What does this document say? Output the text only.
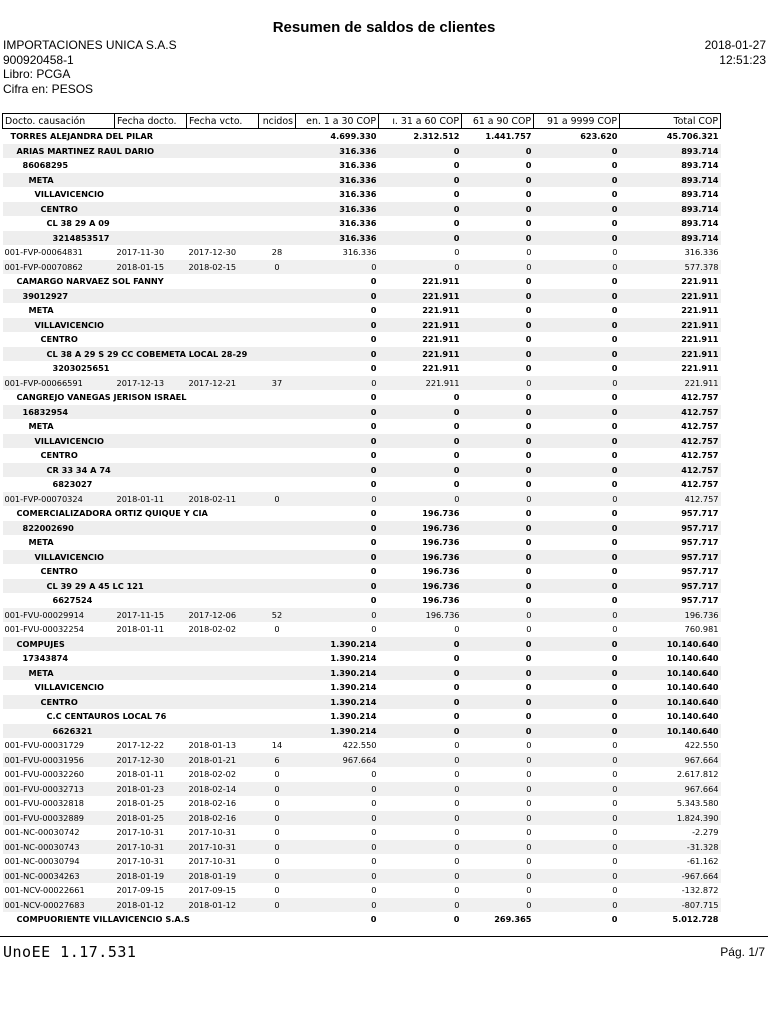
Resumen de saldos de clientes
IMPORTACIONES UNICA S.A.S
900920458-1
Libro: PCGA
Cifra en: PESOS
2018-01-27
12:51:23
Docto. causación	Fecha docto.	Fecha vcto.	ncidos	en. 1 a 30 COP	ı. 31 a 60 COP	61 a 90 COP	91 a 9999 COP	Total COP
TORRES ALEJANDRA DEL PILAR				4.699.330	2.312.512	1.441.757	623.620	45.706.321
ARIAS MARTINEZ RAUL DARIO				316.336	0	0	0	893.714
86068295				316.336	0	0	0	893.714
META				316.336	0	0	0	893.714
VILLAVICENCIO				316.336	0	0	0	893.714
CENTRO				316.336	0	0	0	893.714
CL 38 29 A 09				316.336	0	0	0	893.714
3214853517				316.336	0	0	0	893.714
001-FVP-00064831	2017-11-30	2017-12-30	28	316.336	0	0	0	316.336
001-FVP-00070862	2018-01-15	2018-02-15	0	0	0	0	0	577.378
CAMARGO NARVAEZ SOL FANNY				0	221.911	0	0	221.911
39012927				0	221.911	0	0	221.911
META				0	221.911	0	0	221.911
VILLAVICENCIO				0	221.911	0	0	221.911
CENTRO				0	221.911	0	0	221.911
CL 38 A 29 S 29 CC COBEMETA LOCAL 28-29				0	221.911	0	0	221.911
3203025651				0	221.911	0	0	221.911
001-FVP-00066591	2017-12-13	2017-12-21	37	0	221.911	0	0	221.911
CANGREJO VANEGAS JERISON ISRAEL				0	0	0	0	412.757
16832954				0	0	0	0	412.757
META				0	0	0	0	412.757
VILLAVICENCIO				0	0	0	0	412.757
CENTRO				0	0	0	0	412.757
CR 33 34 A 74				0	0	0	0	412.757
6823027				0	0	0	0	412.757
001-FVP-00070324	2018-01-11	2018-02-11	0	0	0	0	0	412.757
COMERCIALIZADORA ORTIZ QUIQUE Y CIA				0	196.736	0	0	957.717
822002690				0	196.736	0	0	957.717
META				0	196.736	0	0	957.717
VILLAVICENCIO				0	196.736	0	0	957.717
CENTRO				0	196.736	0	0	957.717
CL 39 29 A 45 LC 121				0	196.736	0	0	957.717
6627524				0	196.736	0	0	957.717
001-FVU-00029914	2017-11-15	2017-12-06	52	0	196.736	0	0	196.736
001-FVU-00032254	2018-01-11	2018-02-02	0	0	0	0	0	760.981
COMPUJES				1.390.214	0	0	0	10.140.640
17343874				1.390.214	0	0	0	10.140.640
META				1.390.214	0	0	0	10.140.640
VILLAVICENCIO				1.390.214	0	0	0	10.140.640
CENTRO				1.390.214	0	0	0	10.140.640
C.C CENTAUROS LOCAL 76				1.390.214	0	0	0	10.140.640
6626321				1.390.214	0	0	0	10.140.640
001-FVU-00031729	2017-12-22	2018-01-13	14	422.550	0	0	0	422.550
001-FVU-00031956	2017-12-30	2018-01-21	6	967.664	0	0	0	967.664
001-FVU-00032260	2018-01-11	2018-02-02	0	0	0	0	0	2.617.812
001-FVU-00032713	2018-01-23	2018-02-14	0	0	0	0	0	967.664
001-FVU-00032818	2018-01-25	2018-02-16	0	0	0	0	0	5.343.580
001-FVU-00032889	2018-01-25	2018-02-16	0	0	0	0	0	1.824.390
001-NC-00030742	2017-10-31	2017-10-31	0	0	0	0	0	-2.279
001-NC-00030743	2017-10-31	2017-10-31	0	0	0	0	0	-31.328
001-NC-00030794	2017-10-31	2017-10-31	0	0	0	0	0	-61.162
001-NC-00034263	2018-01-19	2018-01-19	0	0	0	0	0	-967.664
001-NCV-00022661	2017-09-15	2017-09-15	0	0	0	0	0	-132.872
001-NCV-00027683	2018-01-12	2018-01-12	0	0	0	0	0	-807.715
COMPUORIENTE VILLAVICENCIO S.A.S				0	0	269.365	0	5.012.728
UnoEE 1.17.531	Pág. 1/7
